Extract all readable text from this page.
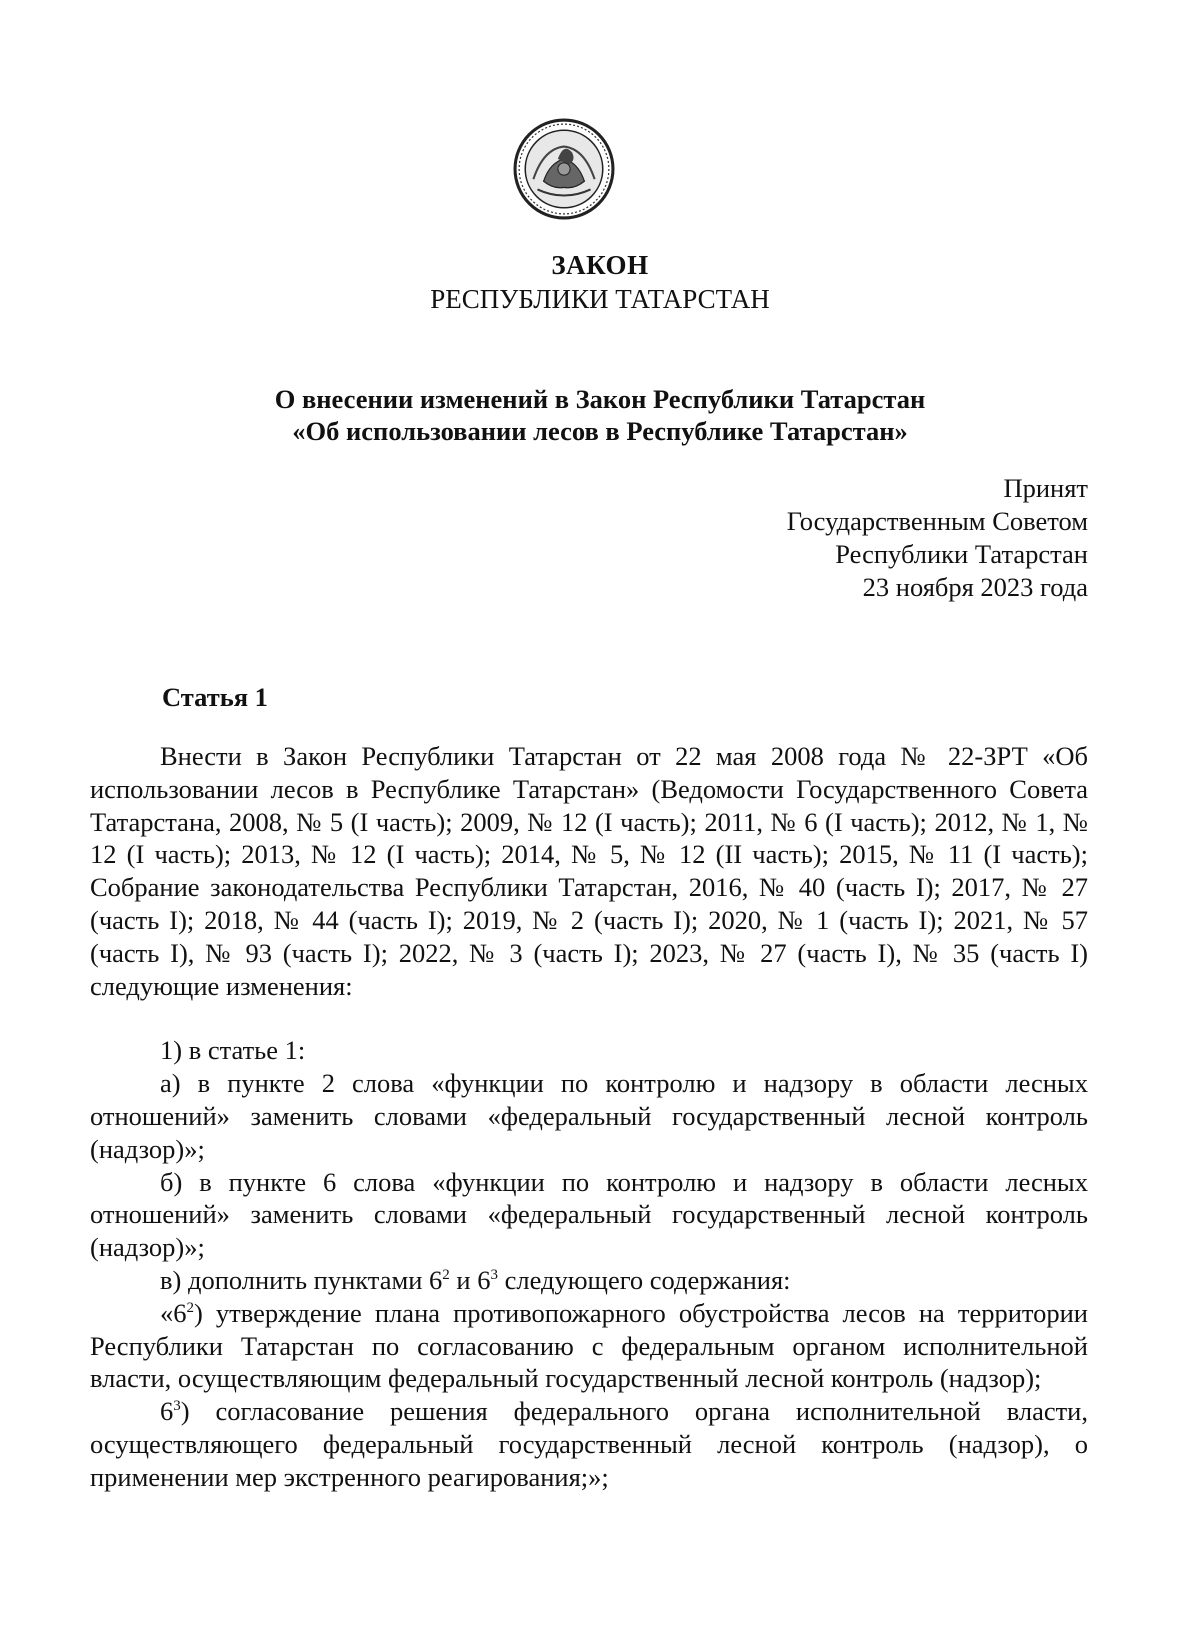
ЗАКОН
РЕСПУБЛИКИ ТАТАРСТАН
О внесении изменений в Закон Республики Татарстан
«Об использовании лесов в Республике Татарстан»
Принят
Государственным Советом
Республики Татарстан
23 ноября 2023 года
Статья 1

Внести в Закон Республики Татарстан от 22 мая 2008 года № 22-ЗРТ «Об использовании лесов в Республике Татарстан» (Ведомости Государственного Совета Татарстана, 2008, № 5 (I часть); 2009, № 12 (I часть); 2011, № 6 (I часть); 2012, № 1, № 12 (I часть); 2013, № 12 (I часть); 2014, № 5, № 12 (II часть); 2015, № 11 (I часть); Собрание законодательства Республики Татарстан, 2016, № 40 (часть I); 2017, № 27 (часть I); 2018, № 44 (часть I); 2019, № 2 (часть I); 2020, № 1 (часть I); 2021, № 57 (часть I), № 93 (часть I); 2022, № 3 (часть I); 2023, № 27 (часть I), № 35 (часть I) следующие изменения:

1) в статье 1:

а) в пункте 2 слова «функции по контролю и надзору в области лесных отношений» заменить словами «федеральный государственный лесной контроль (надзор)»;

б) в пункте 6 слова «функции по контролю и надзору в области лесных отношений» заменить словами «федеральный государственный лесной контроль (надзор)»;

в) дополнить пунктами $6^2$ и $6^3$ следующего содержания:

«$6^2$) утверждение плана противопожарного обустройства лесов на территории Республики Татарстан по согласованию с федеральным органом исполнительной власти, осуществляющим федеральный государственный лесной контроль (надзор);

$6^3$) согласование решения федерального органа исполнительной власти, осуществляющего федеральный государственный лесной контроль (надзор), о применении мер экстренного реагирования;»;
